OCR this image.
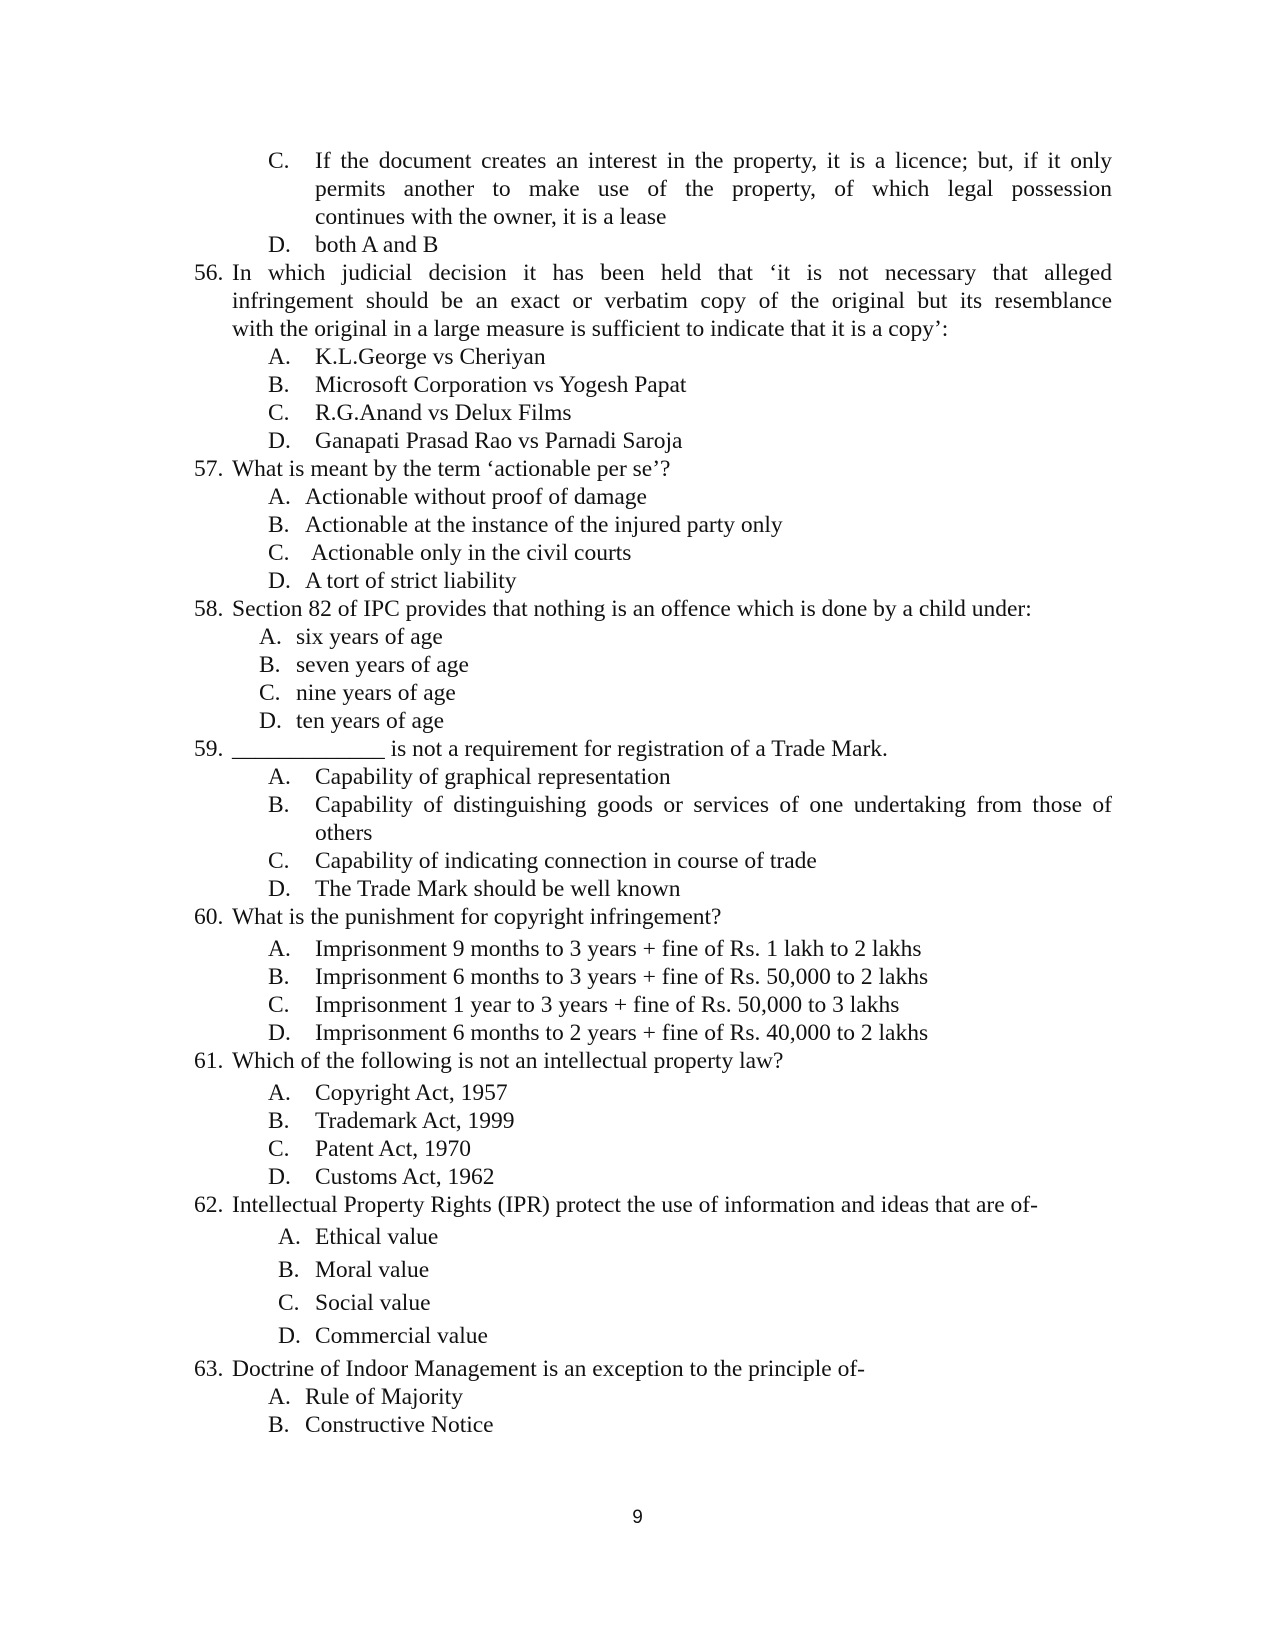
C. If the document creates an interest in the property, it is a licence; but, if it only
permits another to make use of the property, of which legal possession
continues with the owner, it is a lease
D. both A and B
56. In which judicial decision it has been held that ‘it is not necessary that alleged
infringement should be an exact or verbatim copy of the original but its resemblance
with the original in a large measure is sufficient to indicate that it is a copy’:
A. K.L.George vs Cheriyan
B. Microsoft Corporation vs Yogesh Papat
C. R.G.Anand vs Delux Films
D. Ganapati Prasad Rao vs Parnadi Saroja
57. What is meant by the term ‘actionable per se’?
A. Actionable without proof of damage
B. Actionable at the instance of the injured party only
C. Actionable only in the civil courts
D. A tort of strict liability
58. Section 82 of IPC provides that nothing is an offence which is done by a child under:
A. six years of age
B. seven years of age
C. nine years of age
D. ten years of age
59. _____________ is not a requirement for registration of a Trade Mark.
A. Capability of graphical representation
B. Capability of distinguishing goods or services of one undertaking from those of
others
C. Capability of indicating connection in course of trade
D. The Trade Mark should be well known
60. What is the punishment for copyright infringement?
A. Imprisonment 9 months to 3 years + fine of Rs. 1 lakh to 2 lakhs
B. Imprisonment 6 months to 3 years + fine of Rs. 50,000 to 2 lakhs
C. Imprisonment 1 year to 3 years + fine of Rs. 50,000 to 3 lakhs
D. Imprisonment 6 months to 2 years + fine of Rs. 40,000 to 2 lakhs
61. Which of the following is not an intellectual property law?
A. Copyright Act, 1957
B. Trademark Act, 1999
C. Patent Act, 1970
D. Customs Act, 1962
62. Intellectual Property Rights (IPR) protect the use of information and ideas that are of-
A. Ethical value
B. Moral value
C. Social value
D. Commercial value
63. Doctrine of Indoor Management is an exception to the principle of-
A. Rule of Majority
B. Constructive Notice
9
